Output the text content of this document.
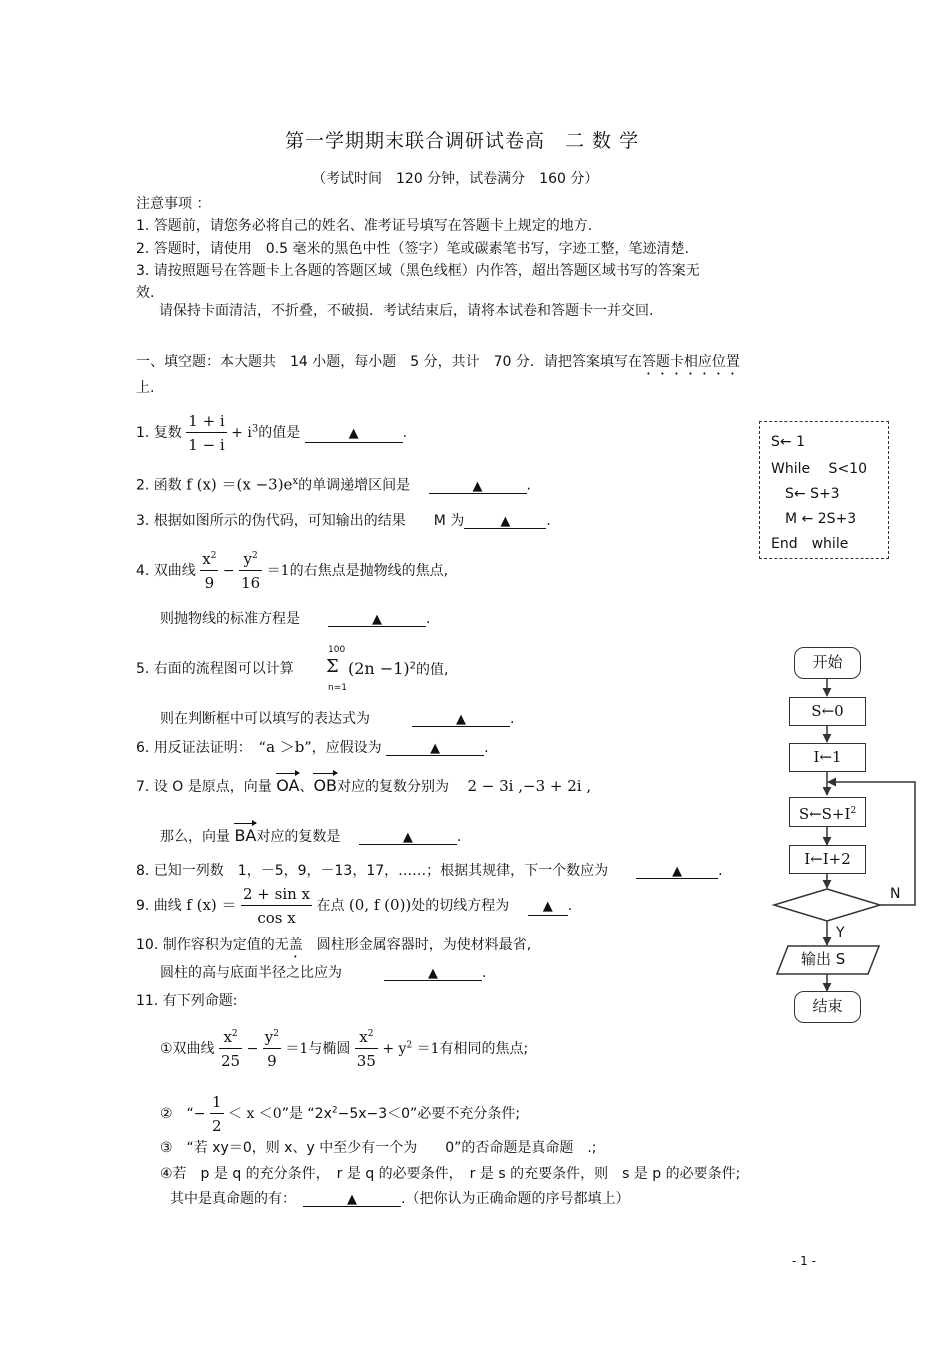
第一学期期末联合调研试卷高　二 数 学
（考试时间　120 分钟，试卷满分　160 分）
注意事项 ：
1. 答题前，请您务必将自己的姓名、准考证号填写在答题卡上规定的地方.
2. 答题时，请使用　0.5 毫米的黑色中性（签字）笔或碳素笔书写，字迹工整，笔迹清楚.
3. 请按照题号在答题卡上各题的答题区域（黑色线框）内作答，超出答题区域书写的答案无
效.
　请保持卡面清洁，不折叠，不破损．考试结束后，请将本试卷和答题卡一并交回.
一、填空题：本大题共　14 小题，每小题　5 分，共计　70 分．请把答案填写在答题卡相应位置
上.
1. 复数 $\frac{1 + i}{1 - i} + i^3$的值是	▲	.
2. 函数 f $(x) =(x -3)e^x$的单调递增区间是 　	▲	.
3. 根据如图所示的伪代码，可知输出的结果　　M 为	▲	.
4. 双曲线 $\frac{x^2}{9} - \frac{y^2}{16} =1$的右焦点是抛物线的焦点,
则抛物线的标准方程是　　	▲	.
5. 右面的流程图可以计算
100
Σ
n=1
$(2n -1)^2$的值,
则在判断框中可以填写的表达式为　　　	▲	.
6. 用反证法证明：　“a ＞b”，应假设为	▲	.
7. 设 O 是原点，向量 OA、OB对应的复数分别为 　 2 − 3i ,−3 + 2i ,
那么，向量 BA对应的复数是 　	▲	.
8. 已知一列数　1，－5，9，－13，17，……；根据其规律，下一个数应为　　	▲	.
9. 曲线 f $(x) = \frac{\text{2 + sin x}}{\text{cos x}}$ 在点 (0, f (0))处的切线方程为 　	▲ .
10. 制作容积为定值的无盖　圆柱形金属容器时，为使材料最省,
圆柱的高与底面半径之比应为　　　	▲	.
11. 有下列命题:
①双曲线 $\frac{x^2}{25} - \frac{y^2}{9} =1$与椭圆 $\frac{x^2}{35} + y^2 =1$有相同的焦点;
②　“− $\frac{1}{2} < x <0$”是 “$2x^2-5x-3<0$”必要不充分条件;
③　“若 xy＝0，则 x、y 中至少有一个为　　0”的否命题是真命题　.;
④若　p 是 q 的充分条件，　r 是 q 的必要条件，　r 是 s 的充要条件，则　s 是 p 的必要条件;
其中是真命题的有：　	▲	.（把你认为正确命题的序号都填上）
S← 1
While　 S<10
　S← S+3
　M ← 2S+3
End　while
开始
S←0
I←1
$S\leftarrow S+I^2$
I←I+2
N
Y
输出 S
结束
- 1 -
